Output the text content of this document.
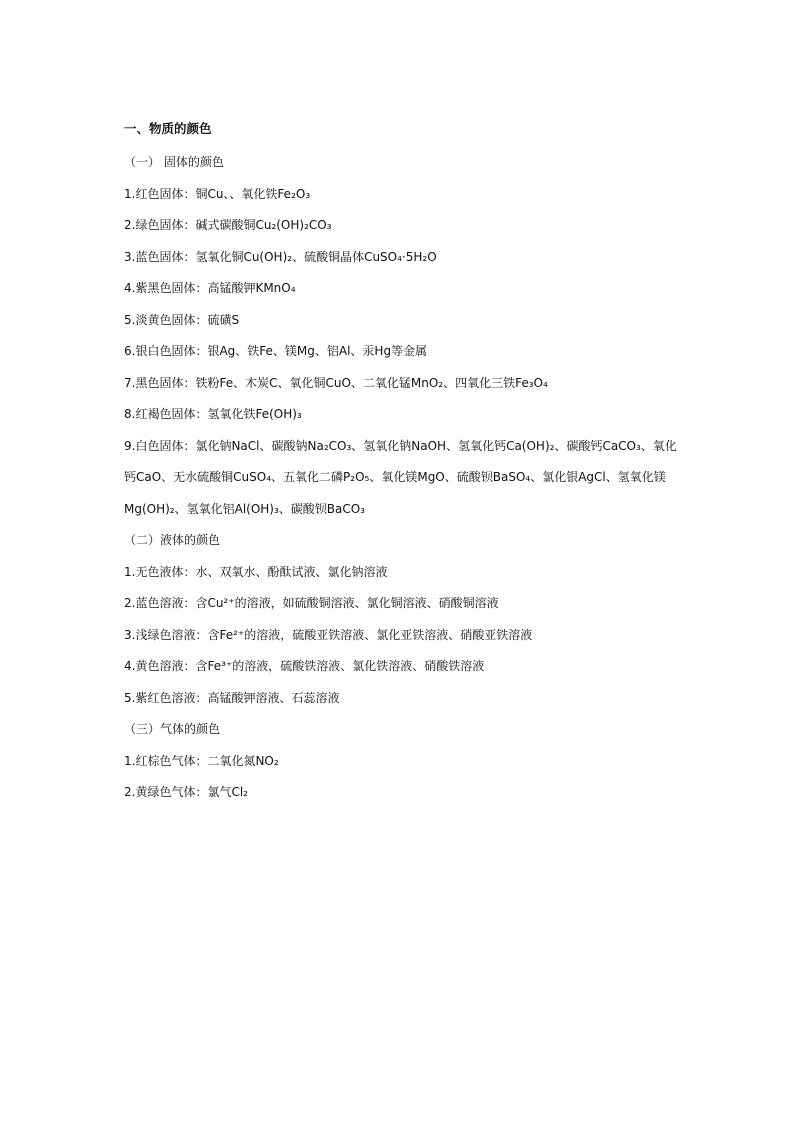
一、物质的颜色
（一） 固体的颜色
1.红色固体：铜Cu、、氧化铁Fe₂O₃
2.绿色固体：碱式碳酸铜Cu₂(OH)₂CO₃
3.蓝色固体：氢氧化铜Cu(OH)₂、硫酸铜晶体CuSO₄·5H₂O
4.紫黑色固体：高锰酸钾KMnO₄
5.淡黄色固体：硫磺S
6.银白色固体：银Ag、铁Fe、镁Mg、铝Al、汞Hg等金属
7.黑色固体：铁粉Fe、木炭C、氧化铜CuO、二氧化锰MnO₂、四氧化三铁Fe₃O₄
8.红褐色固体：氢氧化铁Fe(OH)₃
9.白色固体：氯化钠NaCl、碳酸钠Na₂CO₃、氢氧化钠NaOH、氢氧化钙Ca(OH)₂、碳酸钙CaCO₃、氧化钙CaO、无水硫酸铜CuSO₄、五氧化二磷P₂O₅、氧化镁MgO、硫酸钡BaSO₄、氯化银AgCl、氢氧化镁Mg(OH)₂、氢氧化铝Al(OH)₃、碳酸钡BaCO₃
（二）液体的颜色
1.无色液体：水、双氧水、酚酞试液、氯化钠溶液
2.蓝色溶液：含Cu²⁺的溶液，如硫酸铜溶液、氯化铜溶液、硝酸铜溶液
3.浅绿色溶液：含Fe²⁺的溶液，硫酸亚铁溶液、氯化亚铁溶液、硝酸亚铁溶液
4.黄色溶液：含Fe³⁺的溶液，硫酸铁溶液、氯化铁溶液、硝酸铁溶液
5.紫红色溶液：高锰酸钾溶液、石蕊溶液
（三）气体的颜色
1.红棕色气体：二氧化氮NO₂
2.黄绿色气体：氯气Cl₂
